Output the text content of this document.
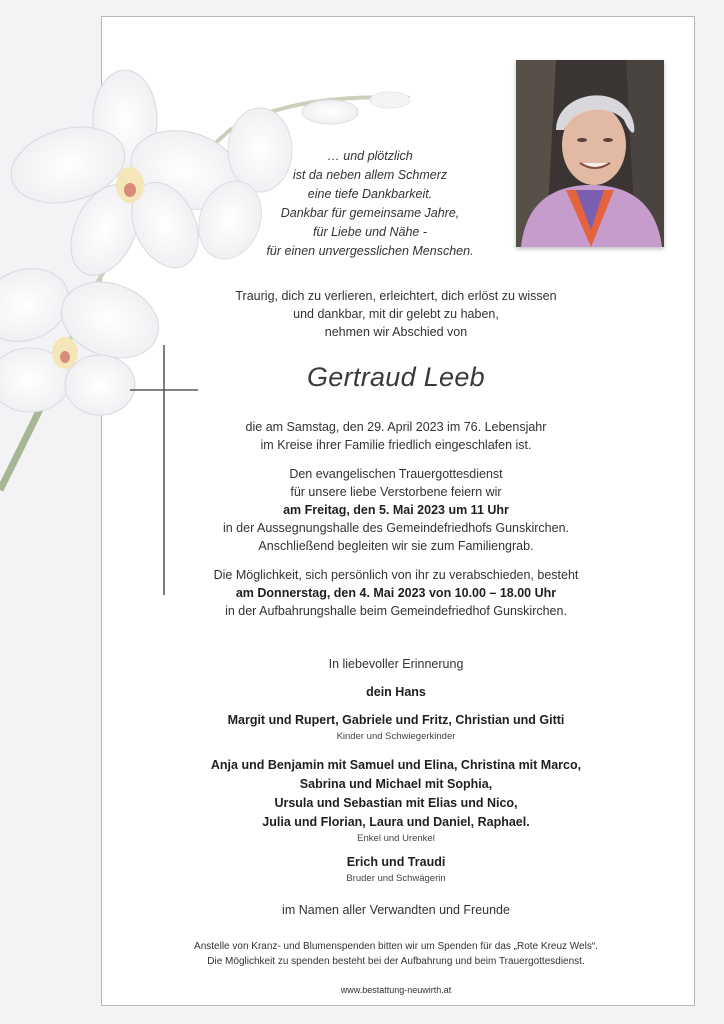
… und plötzlich
ist da neben allem Schmerz
eine tiefe Dankbarkeit.
Dankbar für gemeinsame Jahre,
für Liebe und Nähe -
für einen unvergesslichen Menschen.
Traurig, dich zu verlieren, erleichtert, dich erlöst zu wissen
und dankbar, mit dir gelebt zu haben,
nehmen wir Abschied von
Gertraud Leeb
die am Samstag, den 29. April 2023 im 76. Lebensjahr
im Kreise ihrer Familie friedlich eingeschlafen ist.
Den evangelischen Trauergottesdienst
für unsere liebe Verstorbene feiern wir
am Freitag, den 5. Mai 2023 um 11 Uhr
in der Aussegnungshalle des Gemeindefriedhofs Gunskirchen.
Anschließend begleiten wir sie zum Familiengrab.
Die Möglichkeit, sich persönlich von ihr zu verabschieden, besteht
am Donnerstag, den 4. Mai 2023 von 10.00 – 18.00 Uhr
in der Aufbahrungshalle beim Gemeindefriedhof Gunskirchen.
In liebevoller Erinnerung
dein Hans
Margit und Rupert, Gabriele und Fritz, Christian und Gitti
Kinder und Schwiegerkinder
Anja und Benjamin mit Samuel und Elina, Christina mit Marco,
Sabrina und Michael mit Sophia,
Ursula und Sebastian mit Elias und Nico,
Julia und Florian, Laura und Daniel, Raphael.
Enkel und Urenkel
Erich und Traudi
Bruder und Schwägerin
im Namen aller Verwandten und Freunde
Anstelle von Kranz- und Blumenspenden bitten wir um Spenden für das „Rote Kreuz Wels“.
Die Möglichkeit zu spenden besteht bei der Aufbahrung und beim Trauergottesdienst.
www.bestattung-neuwirth.at
